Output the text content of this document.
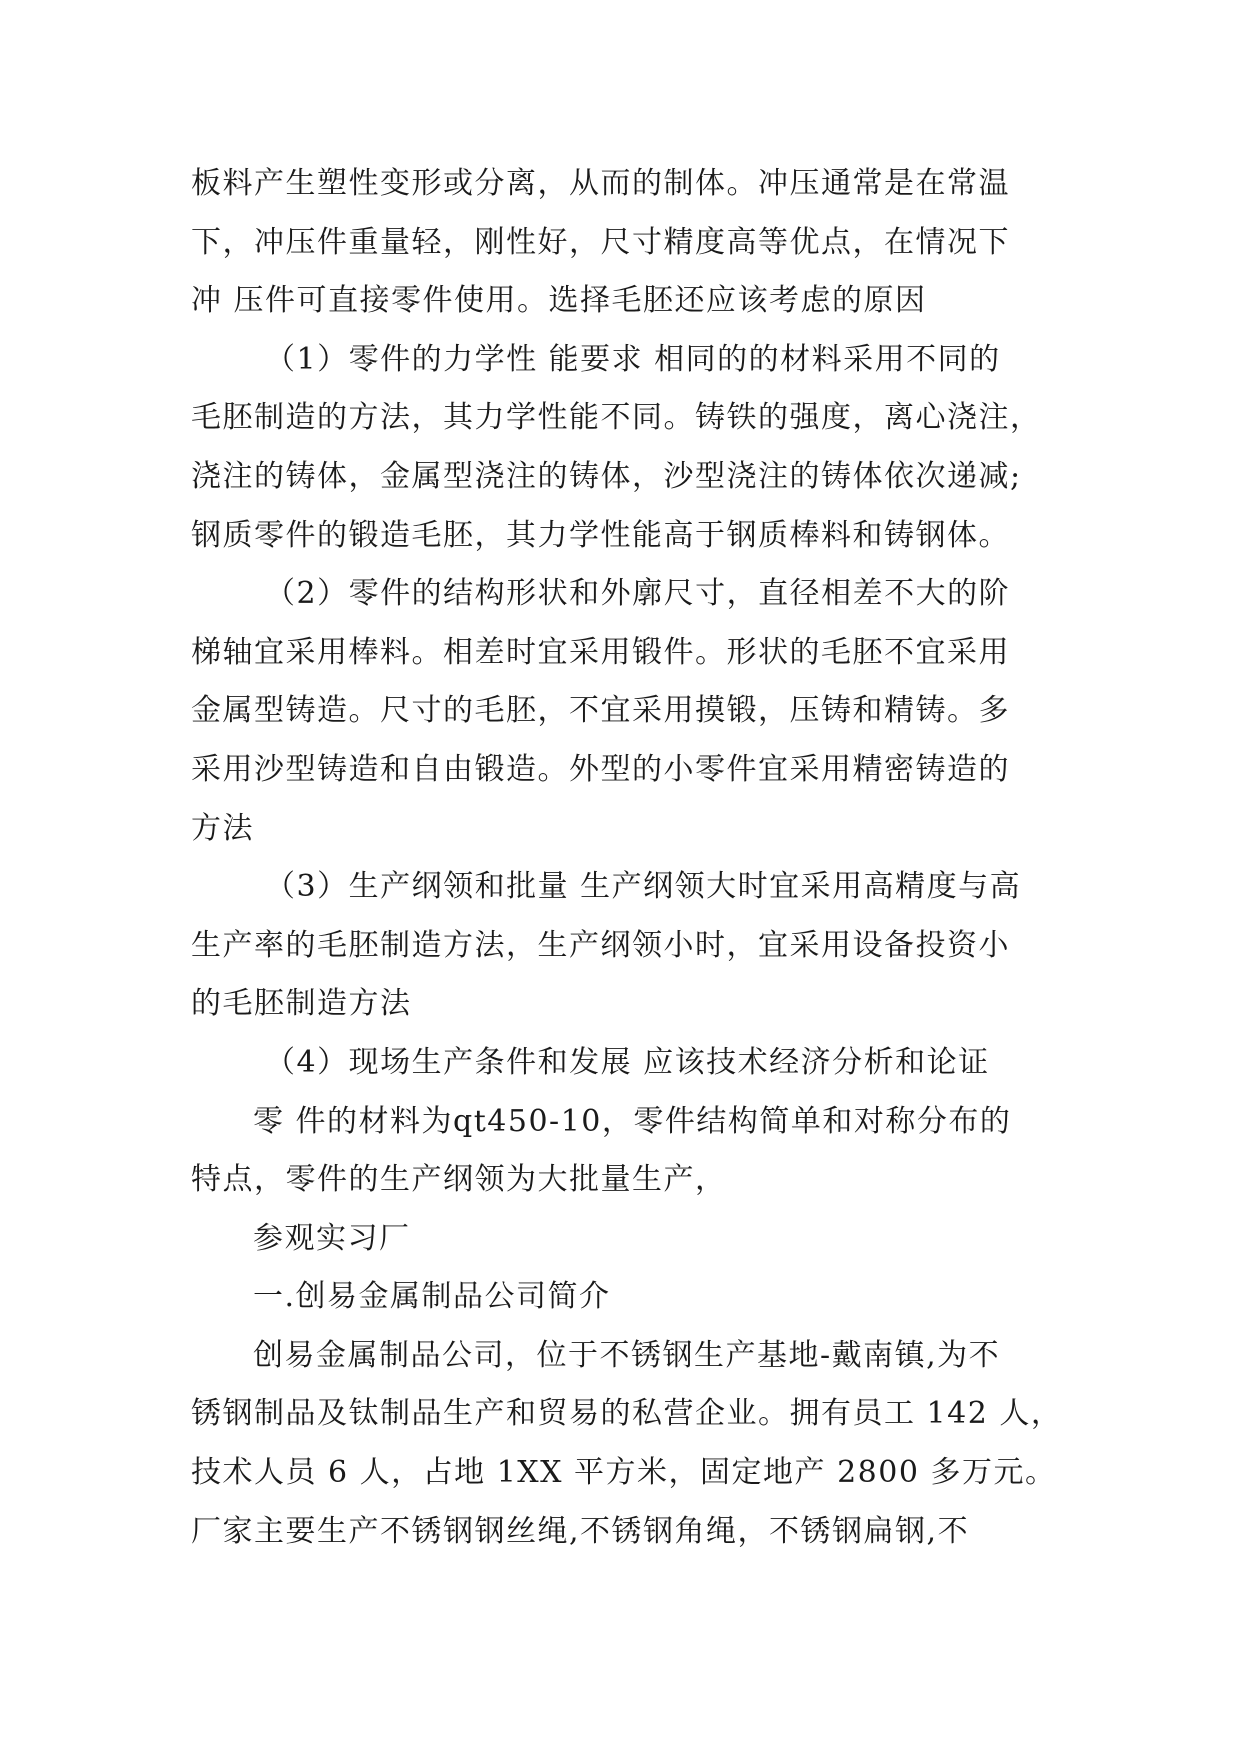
板料产生塑性变形或分离，从而的制体。冲压通常是在常温
下，冲压件重量轻，刚性好，尺寸精度高等优点，在情况下
冲 压件可直接零件使用。选择毛胚还应该考虑的原因
（1）零件的力学性 能要求 相同的的材料采用不同的
毛胚制造的方法，其力学性能不同。铸铁的强度，离心浇注，
浇注的铸体，金属型浇注的铸体，沙型浇注的铸体依次递减;
钢质零件的锻造毛胚，其力学性能高于钢质棒料和铸钢体。
（2）零件的结构形状和外廓尺寸，直径相差不大的阶
梯轴宜采用棒料。相差时宜采用锻件。形状的毛胚不宜采用
金属型铸造。尺寸的毛胚，不宜采用摸锻，压铸和精铸。多
采用沙型铸造和自由锻造。外型的小零件宜采用精密铸造的
方法
（3）生产纲领和批量 生产纲领大时宜采用高精度与高
生产率的毛胚制造方法，生产纲领小时，宜采用设备投资小
的毛胚制造方法
（4）现场生产条件和发展 应该技术经济分析和论证
零 件的材料为qt450-10，零件结构简单和对称分布的
特点，零件的生产纲领为大批量生产，
参观实习厂
一.创易金属制品公司简介
创易金属制品公司，位于不锈钢生产基地-戴南镇,为不
锈钢制品及钛制品生产和贸易的私营企业。拥有员工 142 人，
技术人员 6 人，占地 1XX 平方米，固定地产 2800 多万元。
厂家主要生产不锈钢钢丝绳,不锈钢角绳，不锈钢扁钢,不
